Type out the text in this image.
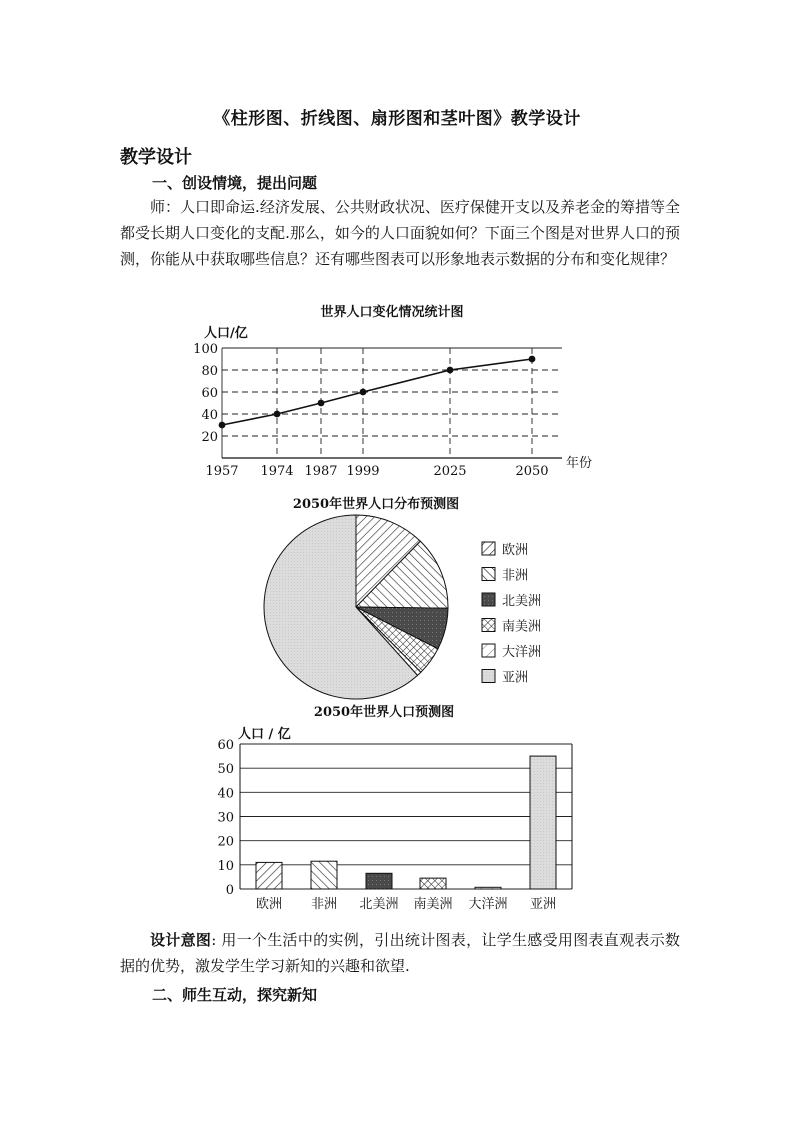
《柱形图、折线图、扇形图和茎叶图》教学设计
教学设计
一、创设情境，提出问题
师：人口即命运.经济发展、公共财政状况、医疗保健开支以及养老金的筹措等全都受长期人口变化的支配.那么，如今的人口面貌如何？下面三个图是对世界人口的预测，你能从中获取哪些信息？还有哪些图表可以形象地表示数据的分布和变化规律？
世界人口变化情况统计图
人口/亿
年份
20
40
60
80
100
1957 1974 1987 1999	2025	2050
2050年世界人口分布预测图
欧洲
非洲
北美洲
南美洲
大洋洲
亚洲
2050年世界人口预测图
人口 / 亿
0
10
20
30
40
50
60
欧洲 非洲 北美洲 南美洲 大洋洲 亚洲
设计意图: 用一个生活中的实例，引出统计图表，让学生感受用图表直观表示数据的优势，激发学生学习新知的兴趣和欲望.
二、师生互动，探究新知
